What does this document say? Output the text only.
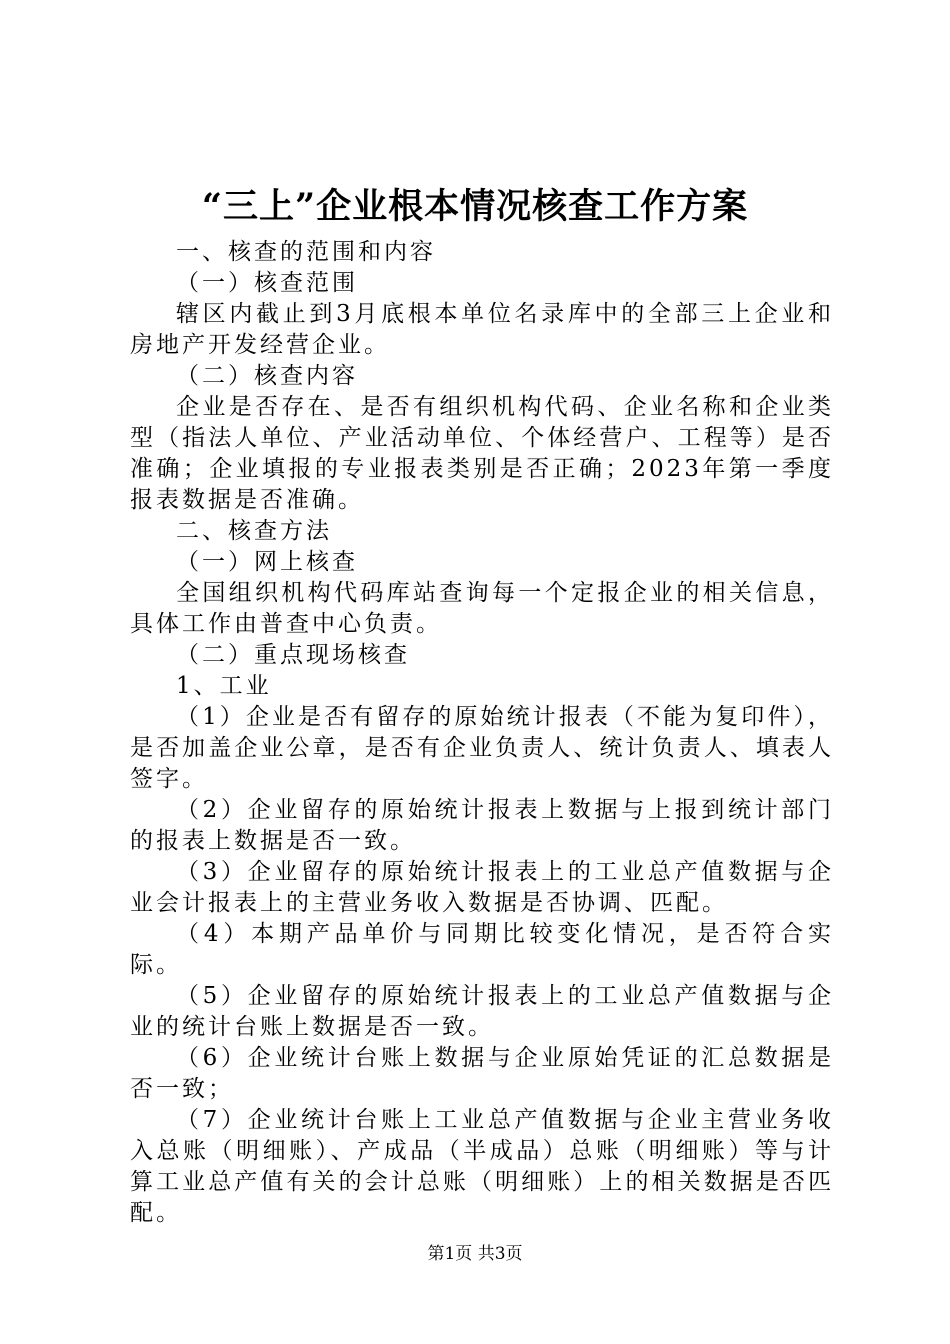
“三上”企业根本情况核查工作方案

一、核查的范围和内容

（一）核查范围

辖区内截止到3月底根本单位名录库中的全部三上企业和房地产开发经营企业。

（二）核查内容

企业是否存在、是否有组织机构代码、企业名称和企业类型（指法人单位、产业活动单位、个体经营户、工程等）是否准确；企业填报的专业报表类别是否正确；2023年第一季度报表数据是否准确。

二、核查方法

（一）网上核查

全国组织机构代码库站查询每一个定报企业的相关信息，具体工作由普查中心负责。

（二）重点现场核查

1、工业

（1）企业是否有留存的原始统计报表（不能为复印件），是否加盖企业公章，是否有企业负责人、统计负责人、填表人签字。

（2）企业留存的原始统计报表上数据与上报到统计部门的报表上数据是否一致。

（3）企业留存的原始统计报表上的工业总产值数据与企业会计报表上的主营业务收入数据是否协调、匹配。

（4）本期产品单价与同期比较变化情况，是否符合实际。

（5）企业留存的原始统计报表上的工业总产值数据与企业的统计台账上数据是否一致。

（6）企业统计台账上数据与企业原始凭证的汇总数据是否一致；

（7）企业统计台账上工业总产值数据与企业主营业务收入总账（明细账）、产成品（半成品）总账（明细账）等与计算工业总产值有关的会计总账（明细账）上的相关数据是否匹配。

第1页 共3页
